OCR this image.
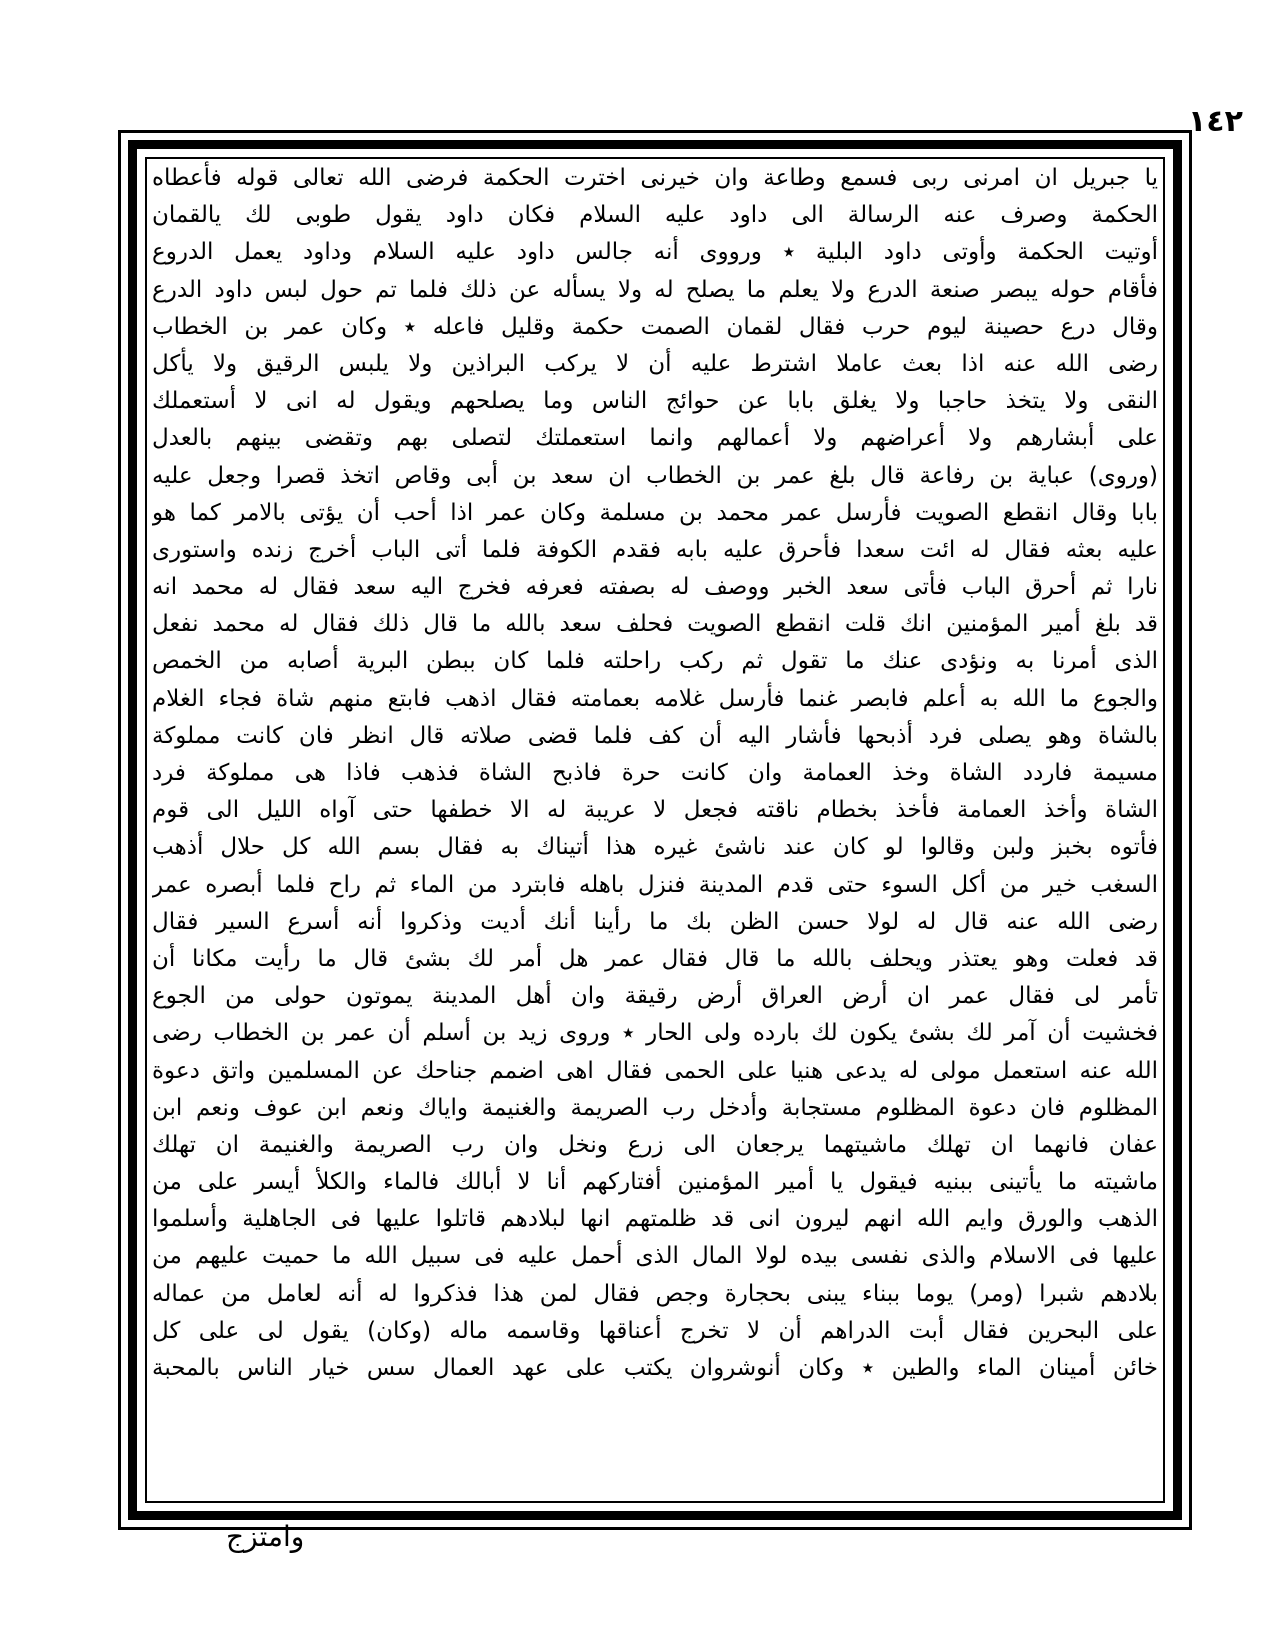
١٤٢
يا جبريل ان امرنى ربى فسمع وطاعة وان خيرنى اخترت الحكمة فرضى الله تعالى قوله فأعطاه
الحكمة وصرف عنه الرسالة الى داود عليه السلام فكان داود يقول طوبى لك يالقمان
أوتيت الحكمة وأوتى داود البلية ٭ ورووى أنه جالس داود عليه السلام وداود يعمل الدروع
فأقام حوله يبصر صنعة الدرع ولا يعلم ما يصلح له ولا يسأله عن ذلك فلما تم حول لبس داود الدرع
وقال درع حصينة ليوم حرب فقال لقمان الصمت حكمة وقليل فاعله ٭ وكان عمر بن الخطاب
رضى الله عنه اذا بعث عاملا اشترط عليه أن لا يركب البراذين ولا يلبس الرقيق ولا يأكل
النقى ولا يتخذ حاجبا ولا يغلق بابا عن حوائج الناس وما يصلحهم ويقول له انى لا أستعملك
على أبشارهم ولا أعراضهم ولا أعمالهم وانما استعملتك لتصلى بهم وتقضى بينهم بالعدل
(وروى) عباية بن رفاعة قال بلغ عمر بن الخطاب ان سعد بن أبى وقاص اتخذ قصرا وجعل عليه
بابا وقال انقطع الصويت فأرسل عمر محمد بن مسلمة وكان عمر اذا أحب أن يؤتى بالامر كما هو
عليه بعثه فقال له ائت سعدا فأحرق عليه بابه فقدم الكوفة فلما أتى الباب أخرج زنده واستورى
نارا ثم أحرق الباب فأتى سعد الخبر ووصف له بصفته فعرفه فخرج اليه سعد فقال له محمد انه
قد بلغ أمير المؤمنين انك قلت انقطع الصويت فحلف سعد بالله ما قال ذلك فقال له محمد نفعل
الذى أمرنا به ونؤدى عنك ما تقول ثم ركب راحلته فلما كان ببطن البرية أصابه من الخمص
والجوع ما الله به أعلم فابصر غنما فأرسل غلامه بعمامته فقال اذهب فابتع منهم شاة فجاء الغلام
بالشاة وهو يصلى فرد أذبحها فأشار اليه أن كف فلما قضى صلاته قال انظر فان كانت مملوكة
مسيمة فاردد الشاة وخذ العمامة وان كانت حرة فاذبح الشاة فذهب فاذا هى مملوكة فرد
الشاة وأخذ العمامة فأخذ بخطام ناقته فجعل لا عريبة له الا خطفها حتى آواه الليل الى قوم
فأتوه بخبز ولبن وقالوا لو كان عند ناشئ غيره هذا أتيناك به فقال بسم الله كل حلال أذهب
السغب خير من أكل السوء حتى قدم المدينة فنزل باهله فابترد من الماء ثم راح فلما أبصره عمر
رضى الله عنه قال له لولا حسن الظن بك ما رأينا أنك أديت وذكروا أنه أسرع السير فقال
قد فعلت وهو يعتذر ويحلف بالله ما قال فقال عمر هل أمر لك بشئ قال ما رأيت مكانا أن
تأمر لى فقال عمر ان أرض العراق أرض رقيقة وان أهل المدينة يموتون حولى من الجوع
فخشيت أن آمر لك بشئ يكون لك بارده ولى الحار ٭ وروى زيد بن أسلم أن عمر بن الخطاب رضى
الله عنه استعمل مولى له يدعى هنيا على الحمى فقال اهى اضمم جناحك عن المسلمين واتق دعوة
المظلوم فان دعوة المظلوم مستجابة وأدخل رب الصريمة والغنيمة واياك ونعم ابن عوف ونعم ابن
عفان فانهما ان تهلك ماشيتهما يرجعان الى زرع ونخل وان رب الصريمة والغنيمة ان تهلك
ماشيته ما يأتينى ببنيه فيقول يا أمير المؤمنين أفتاركهم أنا لا أبالك فالماء والكلأ أيسر على من
الذهب والورق وايم الله انهم ليرون انى قد ظلمتهم انها لبلادهم قاتلوا عليها فى الجاهلية وأسلموا
عليها فى الاسلام والذى نفسى بيده لولا المال الذى أحمل عليه فى سبيل الله ما حميت عليهم من
بلادهم شبرا (ومر) يوما ببناء يبنى بحجارة وجص فقال لمن هذا فذكروا له أنه لعامل من عماله
على البحرين فقال أبت الدراهم أن لا تخرج أعناقها وقاسمه ماله (وكان) يقول لى على كل
خائن أمينان الماء والطين ٭ وكان أنوشروان يكتب على عهد العمال سس خيار الناس بالمحبة
وامتزج
